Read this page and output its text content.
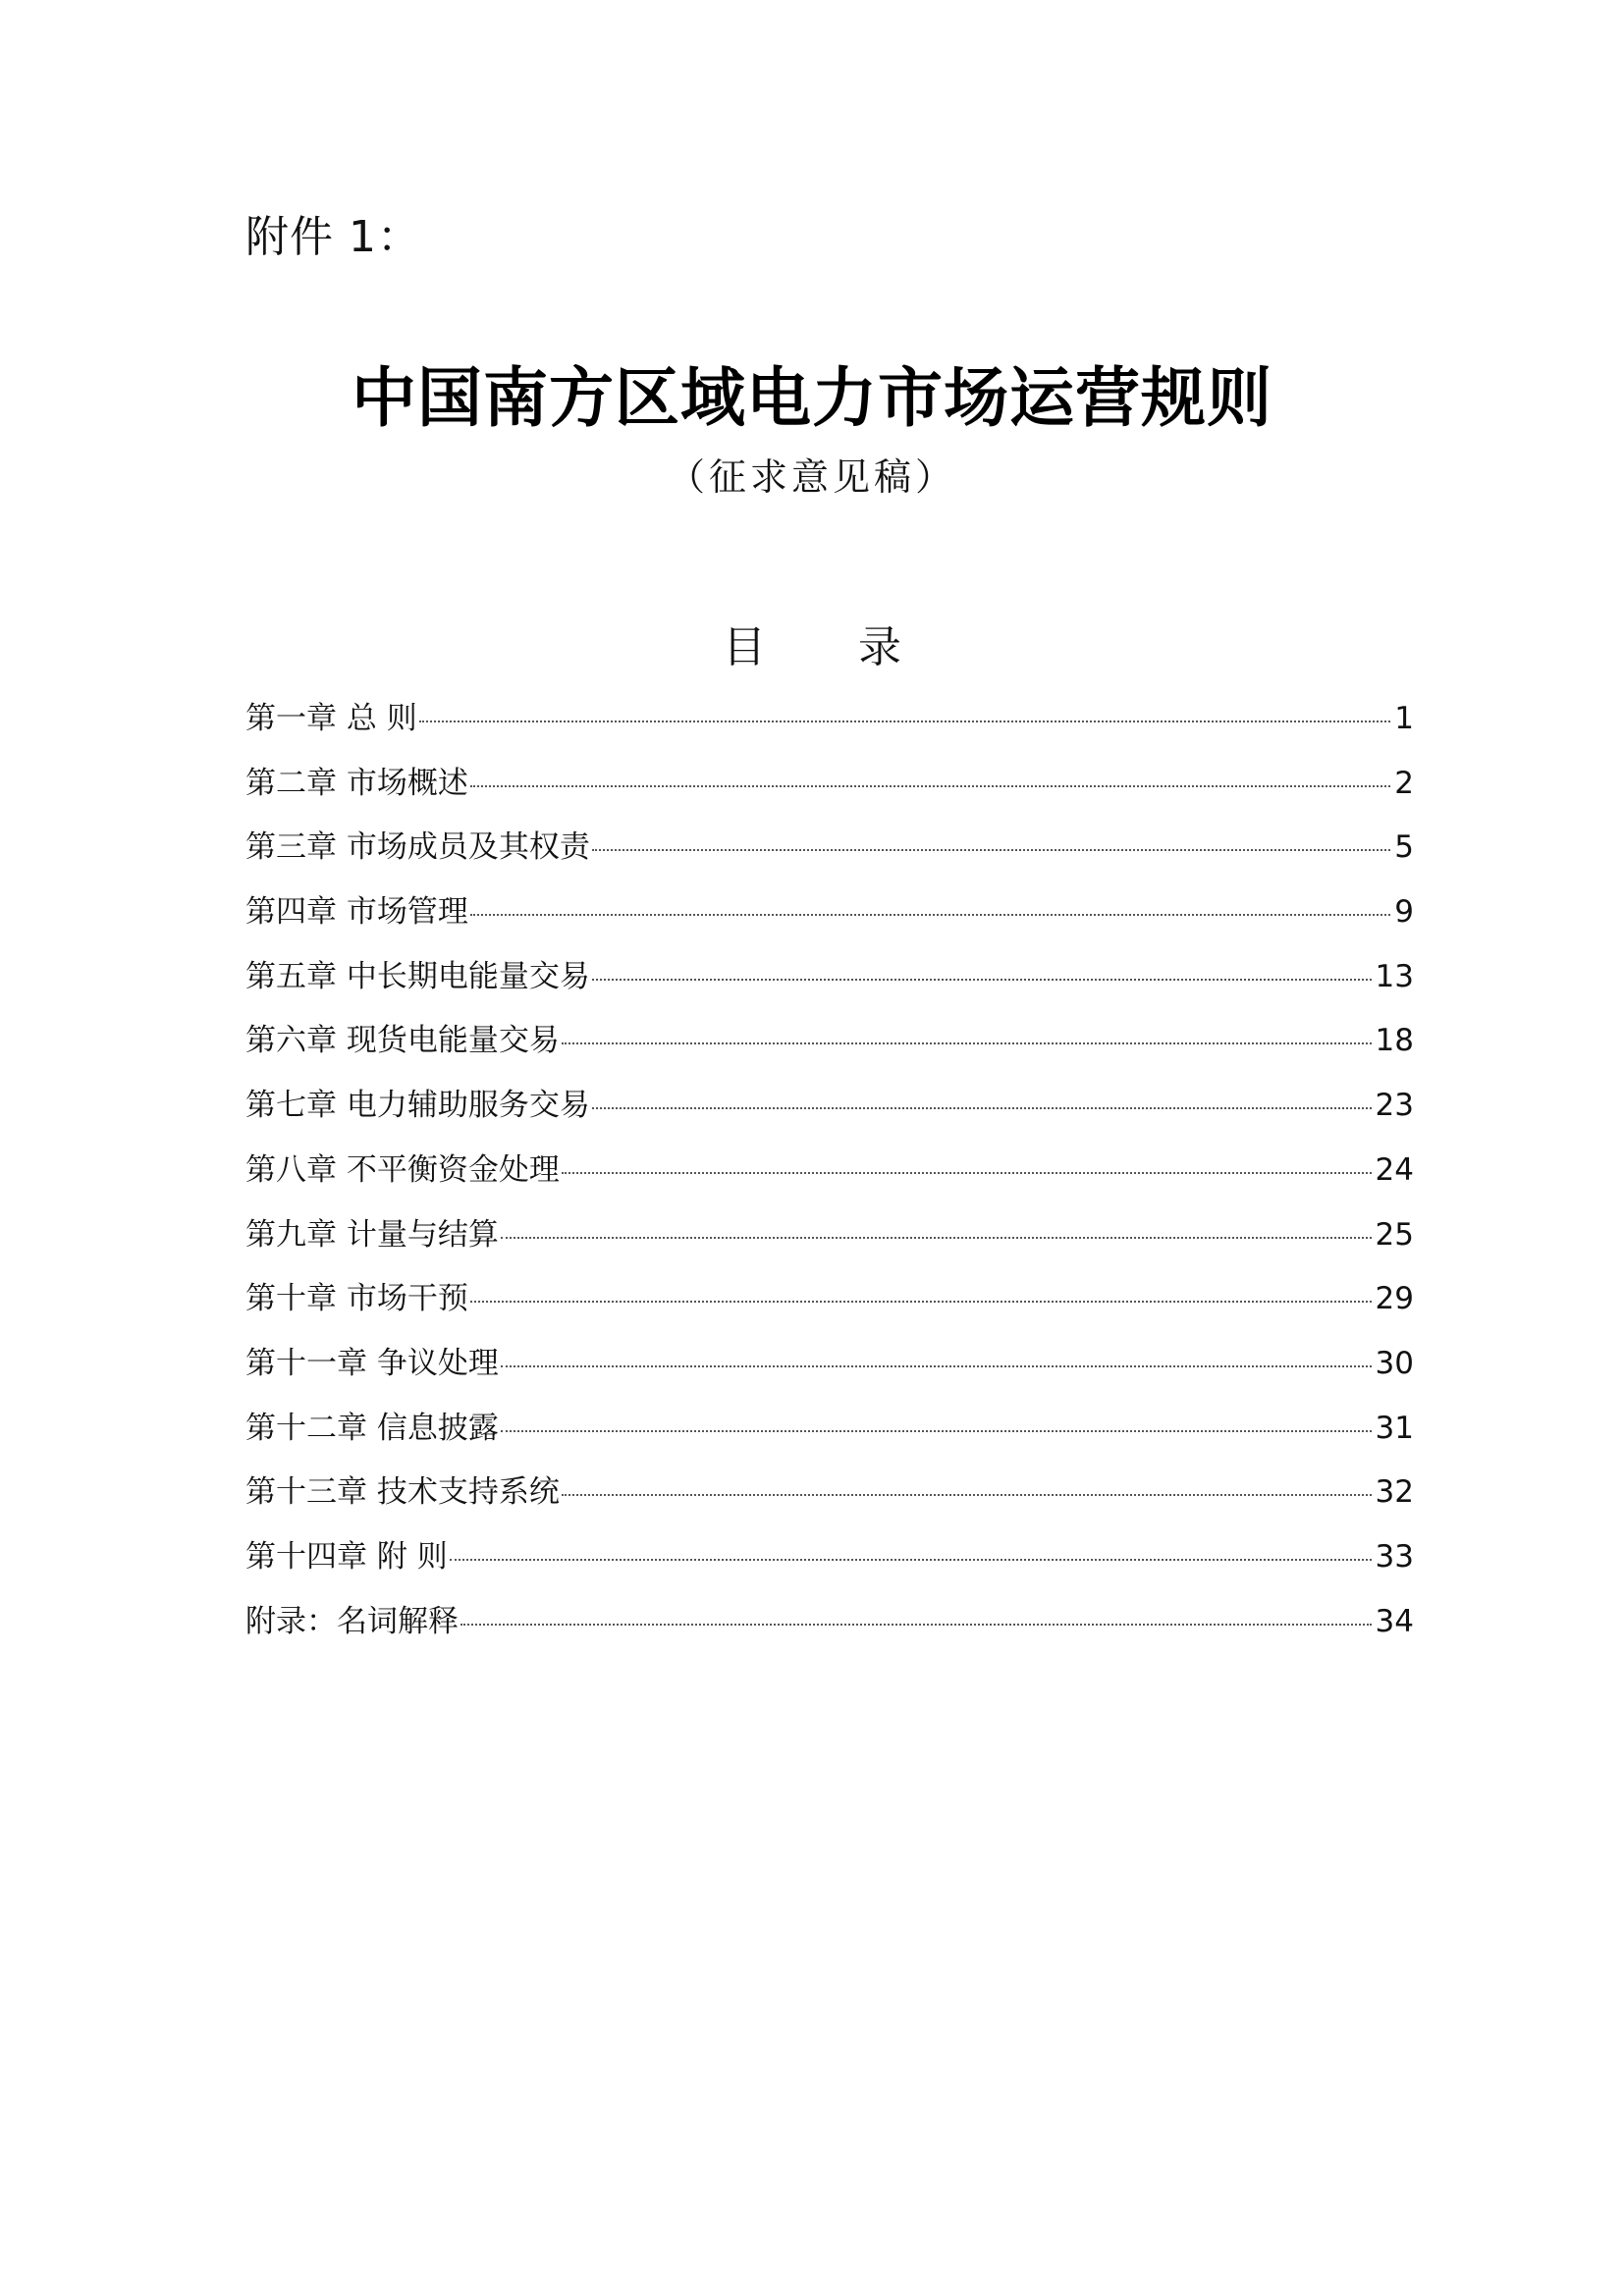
附件 1：
中国南方区域电力市场运营规则
（征求意见稿）
目 录
第一章 总 则	1
第二章 市场概述	2
第三章 市场成员及其权责	5
第四章 市场管理	9
第五章 中长期电能量交易	13
第六章 现货电能量交易	18
第七章 电力辅助服务交易	23
第八章 不平衡资金处理	24
第九章 计量与结算	25
第十章 市场干预	29
第十一章 争议处理	30
第十二章 信息披露	31
第十三章 技术支持系统	32
第十四章 附 则	33
附录： 名词解释	34
